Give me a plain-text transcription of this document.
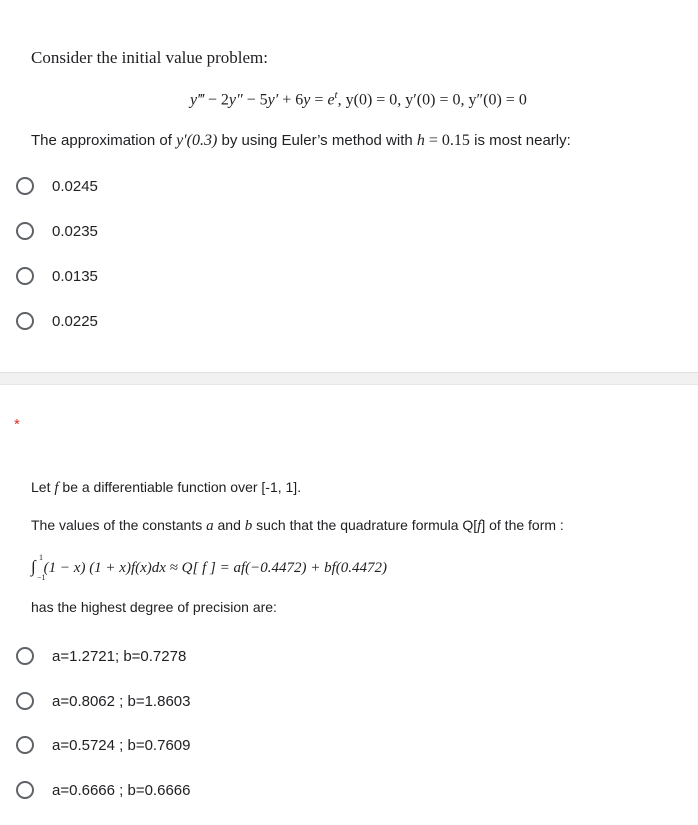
Consider the initial value problem:
y‴ − $2y'' - 5y' + 6y = e^t$, y(0) = 0, y′(0) = 0, y″(0) = 0
The approximation of y′(0.3) by using Euler’s method with h = 0.15 is most nearly:
0.0245
0.0235
0.0135
0.0225
*
Let f be a differentiable function over [-1, 1].
The values of the constants a and b such that the quadrature formula Q[f] of the form :
∫ 1
−1
(1 − x) (1 + x)f(x)dx ≈ Q[ f ] = af(−0.4472) + bf(0.4472)
has the highest degree of precision are:
a=1.2721; b=0.7278
a=0.8062 ; b=1.8603
a=0.5724 ; b=0.7609
a=0.6666 ; b=0.6666
